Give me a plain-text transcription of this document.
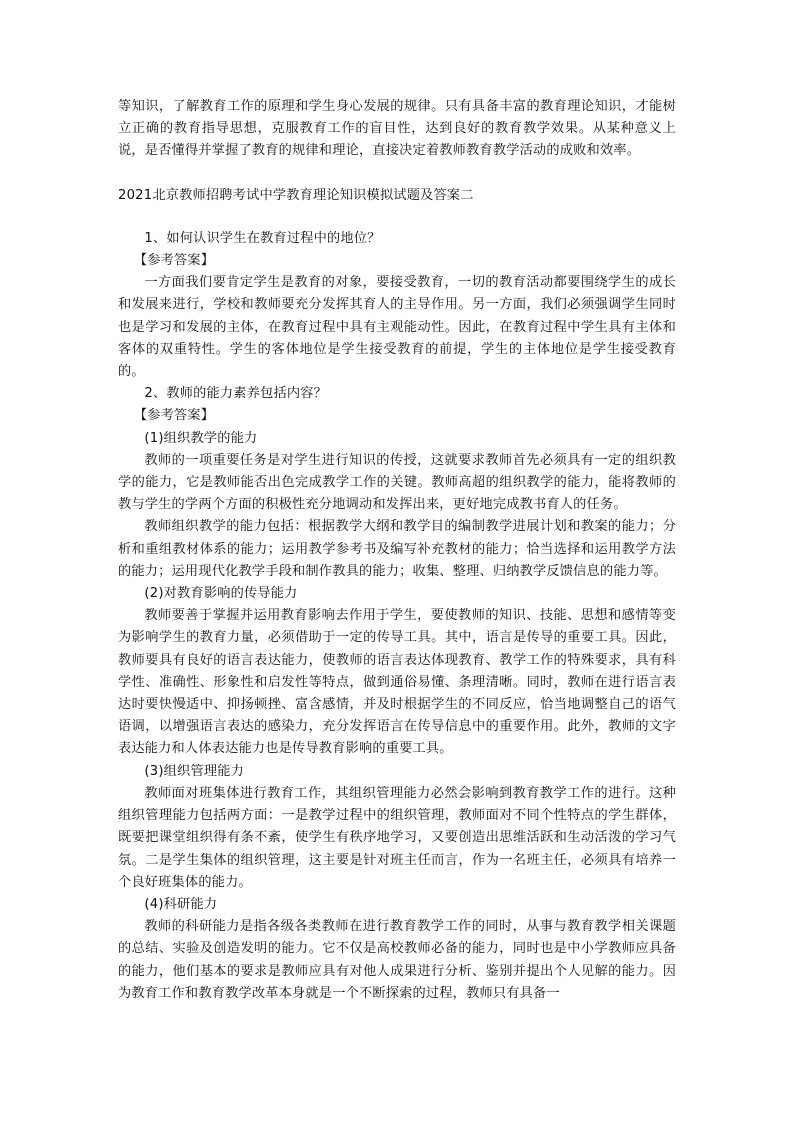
等知识，了解教育工作的原理和学生身心发展的规律。只有具备丰富的教育理论知识，才能树立正确的教育指导思想，克服教育工作的盲目性，达到良好的教育教学效果。从某种意义上说，是否懂得并掌握了教育的规律和理论，直接决定着教师教育教学活动的成败和效率。

2021北京教师招聘考试中学教育理论知识模拟试题及答案二

1、如何认识学生在教育过程中的地位？

【参考答案】

一方面我们要肯定学生是教育的对象，要接受教育，一切的教育活动都要围绕学生的成长和发展来进行，学校和教师要充分发挥其育人的主导作用。另一方面，我们必须强调学生同时也是学习和发展的主体，在教育过程中具有主观能动性。因此，在教育过程中学生具有主体和客体的双重特性。学生的客体地位是学生接受教育的前提，学生的主体地位是学生接受教育的。

2、教师的能力素养包括内容？

【参考答案】

(1)组织教学的能力

教师的一项重要任务是对学生进行知识的传授，这就要求教师首先必须具有一定的组织教学的能力，它是教师能否出色完成教学工作的关键。教师高超的组织教学的能力，能将教师的教与学生的学两个方面的积极性充分地调动和发挥出来，更好地完成教书育人的任务。

教师组织教学的能力包括：根据教学大纲和教学目的编制教学进展计划和教案的能力；分析和重组教材体系的能力；运用教学参考书及编写补充教材的能力；恰当选择和运用教学方法的能力；运用现代化教学手段和制作教具的能力；收集、整理、归纳教学反馈信息的能力等。

(2)对教育影响的传导能力

教师要善于掌握并运用教育影响去作用于学生，要使教师的知识、技能、思想和感情等变为影响学生的教育力量，必须借助于一定的传导工具。其中，语言是传导的重要工具。因此，教师要具有良好的语言表达能力，使教师的语言表达体现教育、教学工作的特殊要求，具有科学性、准确性、形象性和启发性等特点，做到通俗易懂、条理清晰。同时，教师在进行语言表达时要快慢适中、抑扬顿挫、富含感情，并及时根据学生的不同反应，恰当地调整自己的语气语调，以增强语言表达的感染力，充分发挥语言在传导信息中的重要作用。此外，教师的文字表达能力和人体表达能力也是传导教育影响的重要工具。

(3)组织管理能力

教师面对班集体进行教育工作，其组织管理能力必然会影响到教育教学工作的进行。这种组织管理能力包括两方面：一是教学过程中的组织管理，教师面对不同个性特点的学生群体，既要把课堂组织得有条不紊，使学生有秩序地学习，又要创造出思维活跃和生动活泼的学习气氛。二是学生集体的组织管理，这主要是针对班主任而言，作为一名班主任，必须具有培养一个良好班集体的能力。

(4)科研能力

教师的科研能力是指各级各类教师在进行教育教学工作的同时，从事与教育教学相关课题的总结、实验及创造发明的能力。它不仅是高校教师必备的能力，同时也是中小学教师应具备的能力，他们基本的要求是教师应具有对他人成果进行分析、鉴别并提出个人见解的能力。因为教育工作和教育教学改革本身就是一个不断探索的过程，教师只有具备一
